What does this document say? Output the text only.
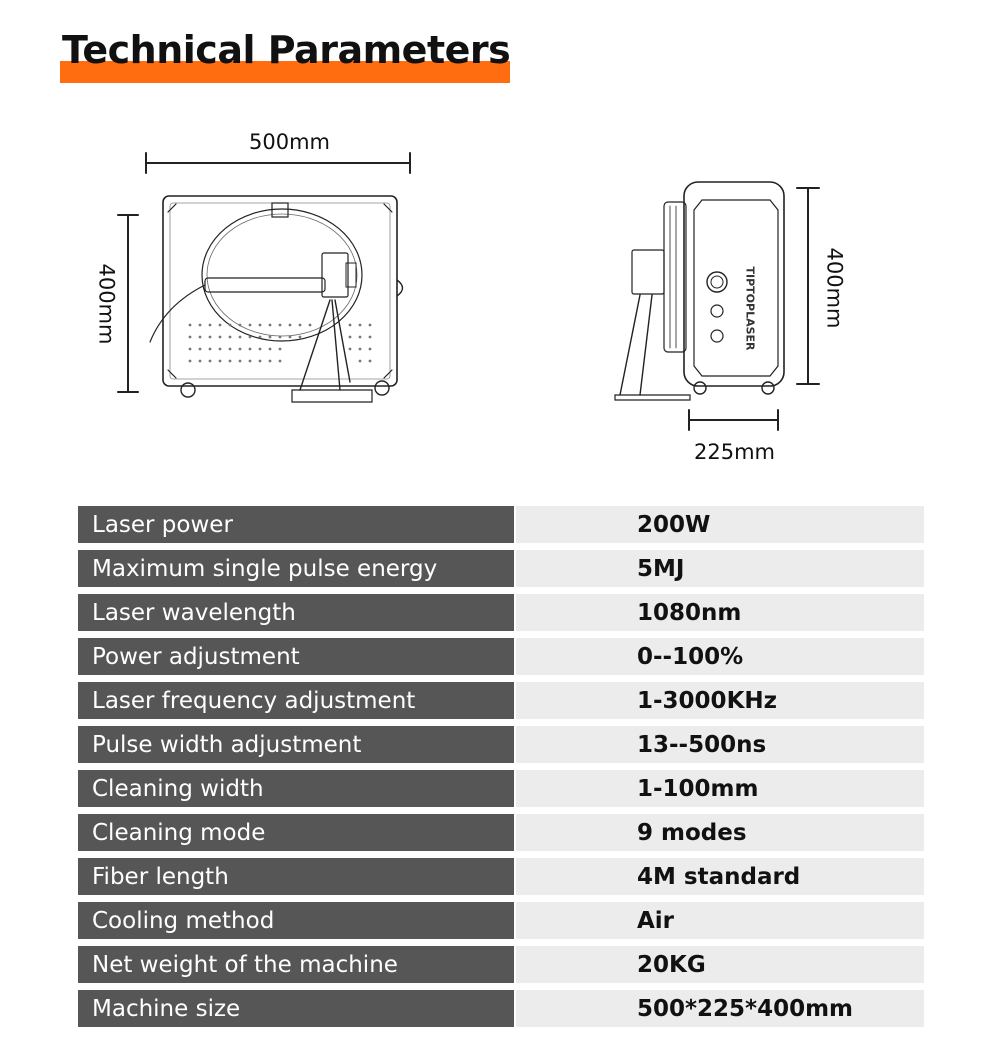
Technical Parameters
500mm
400mm	400mm
225mm
TIPTOPLASER
Laser power		200W
Maximum single pulse energy		5MJ
Laser wavelength		1080nm
Power adjustment		0--100%
Laser frequency adjustment		1-3000KHz
Pulse width adjustment		13--500ns
Cleaning width		1-100mm
Cleaning mode		9 modes
Fiber length		4M standard
Cooling method		Air
Net weight of the machine		20KG
Machine size		500*225*400mm
